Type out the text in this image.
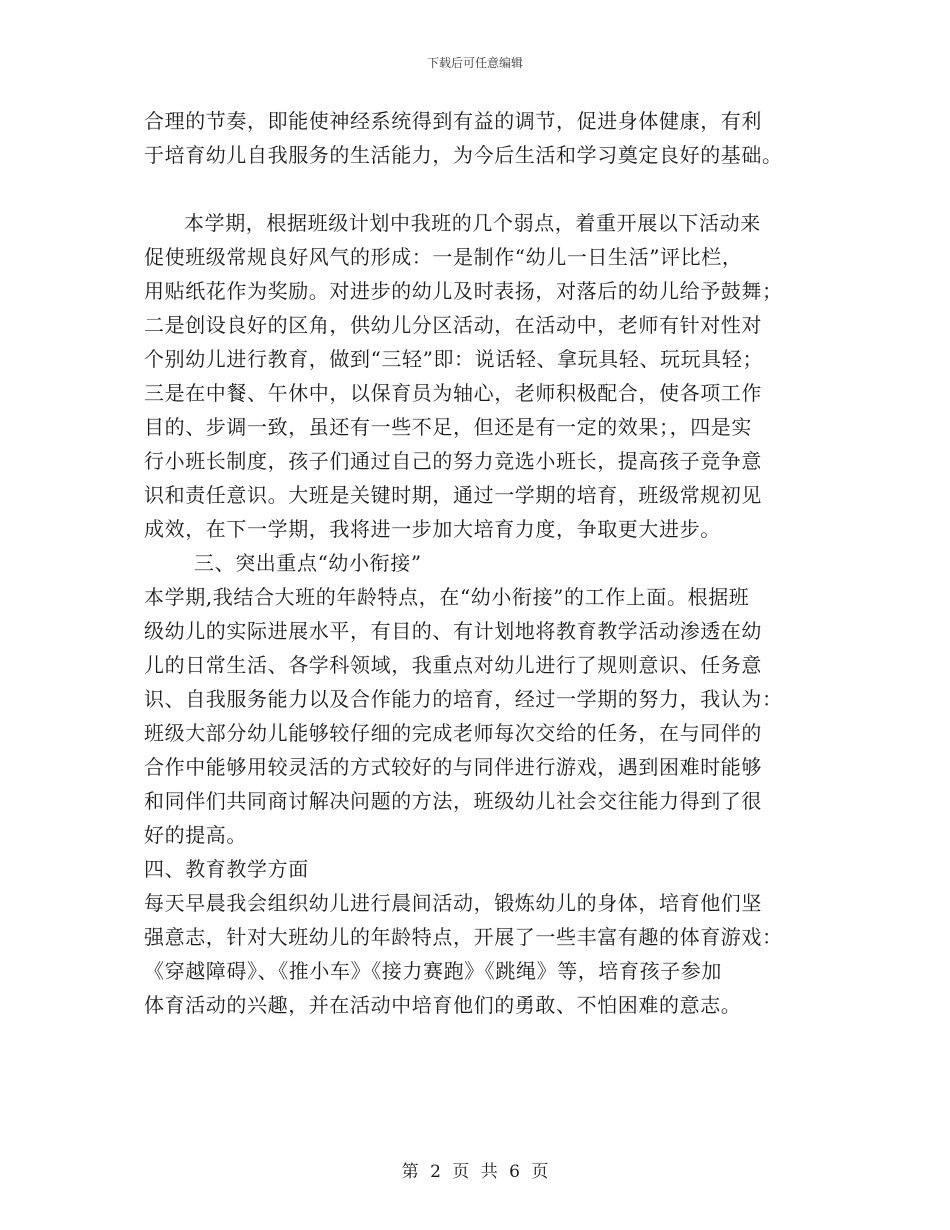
下载后可任意编辑
合理的节奏，即能使神经系统得到有益的调节，促进身体健康，有利
于培育幼儿自我服务的生活能力，为今后生活和学习奠定良好的基础。
本学期，根据班级计划中我班的几个弱点，着重开展以下活动来
促使班级常规良好风气的形成：一是制作“幼儿一日生活”评比栏，
用贴纸花作为奖励。对进步的幼儿及时表扬，对落后的幼儿给予鼓舞；
二是创设良好的区角，供幼儿分区活动，在活动中，老师有针对性对
个别幼儿进行教育，做到“三轻”即：说话轻、拿玩具轻、玩玩具轻；
三是在中餐、午休中，以保育员为轴心，老师积极配合，使各项工作
目的、步调一致，虽还有一些不足，但还是有一定的效果；，四是实
行小班长制度，孩子们通过自己的努力竞选小班长，提高孩子竞争意
识和责任意识。大班是关键时期，通过一学期的培育，班级常规初见
成效，在下一学期，我将进一步加大培育力度，争取更大进步。
三、突出重点“幼小衔接”
本学期,我结合大班的年龄特点，在“幼小衔接”的工作上面。根据班
级幼儿的实际进展水平，有目的、有计划地将教育教学活动渗透在幼
儿的日常生活、各学科领域，我重点对幼儿进行了规则意识、任务意
识、自我服务能力以及合作能力的培育，经过一学期的努力，我认为：
班级大部分幼儿能够较仔细的完成老师每次交给的任务，在与同伴的
合作中能够用较灵活的方式较好的与同伴进行游戏，遇到困难时能够
和同伴们共同商讨解决问题的方法，班级幼儿社会交往能力得到了很
好的提高。
四、教育教学方面
每天早晨我会组织幼儿进行晨间活动，锻炼幼儿的身体，培育他们坚
强意志，针对大班幼儿的年龄特点，开展了一些丰富有趣的体育游戏：
《穿越障碍》、《推小车》《接力赛跑》《跳绳》等，培育孩子参加
体育活动的兴趣，并在活动中培育他们的勇敢、不怕困难的意志。
第 2 页 共 6 页
